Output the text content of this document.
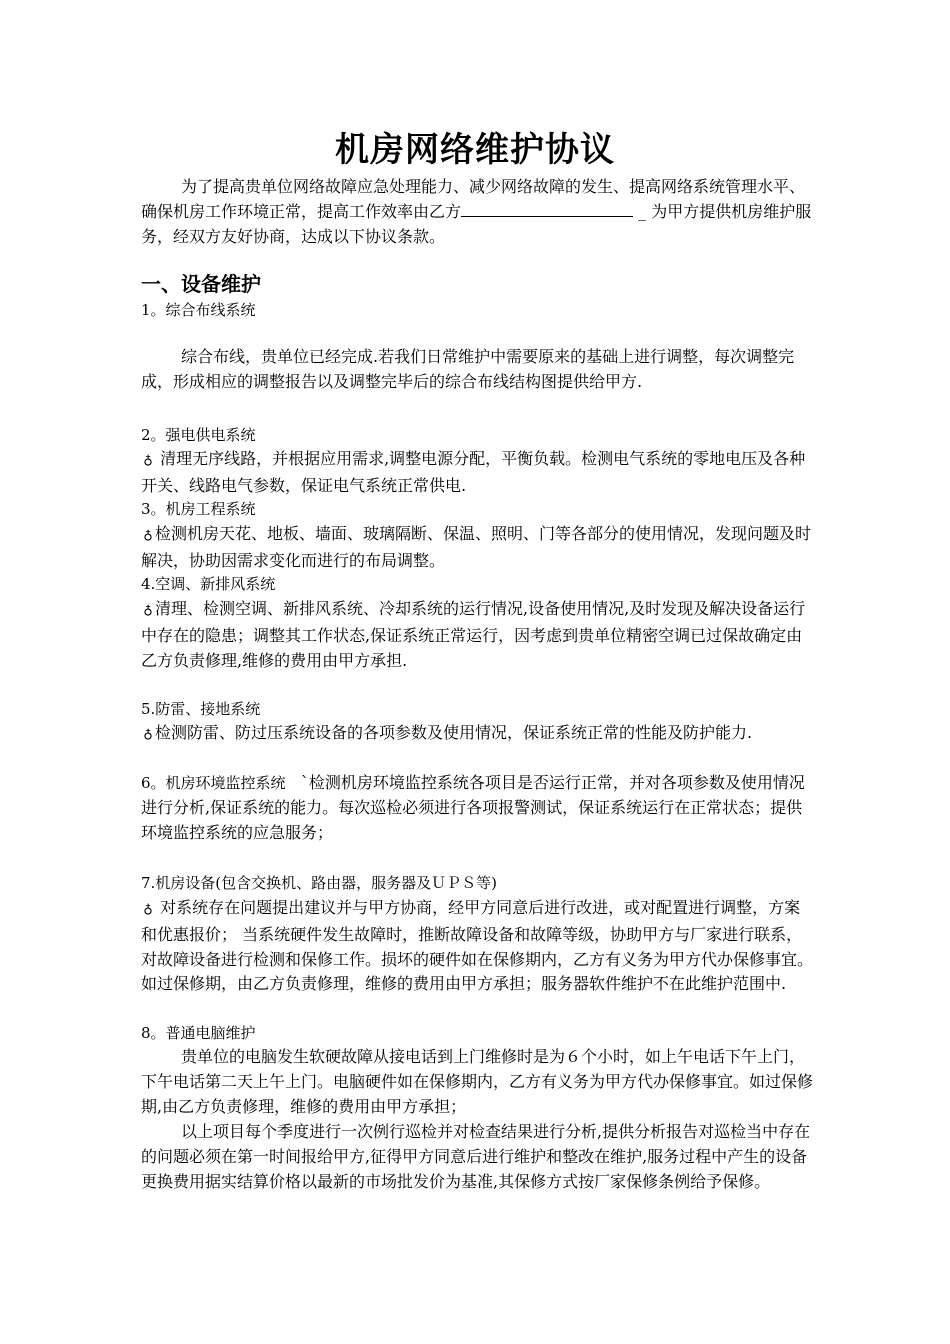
机房网络维护协议
为了提高贵单位网络故障应急处理能力、减少网络故障的发生、提高网络系统管理水平、确保机房工作环境正常，提高工作效率由乙方	_ 为甲方提供机房维护服务，经双方友好协商，达成以下协议条款。
一、设备维护
1。综合布线系统
综合布线，贵单位已经完成.若我们日常维护中需要原来的基础上进行调整，每次调整完成，形成相应的调整报告以及调整完毕后的综合布线结构图提供给甲方.
2。强电供电系统
♁ 清理无序线路，并根据应用需求,调整电源分配，平衡负载。检测电气系统的零地电压及各种开关、线路电气参数，保证电气系统正常供电.
3。机房工程系统
♁ 检测机房天花、地板、墙面、玻璃隔断、保温、照明、门等各部分的使用情况，发现问题及时解决，协助因需求变化而进行的布局调整。
4.空调、新排风系统
♁ 清理、检测空调、新排风系统、冷却系统的运行情况,设备使用情况,及时发现及解决设备运行中存在的隐患；调整其工作状态,保证系统正常运行，因考虑到贵单位精密空调已过保故确定由乙方负责修理,维修的费用由甲方承担.
5.防雷、接地系统
♁ 检测防雷、防过压系统设备的各项参数及使用情况，保证系统正常的性能及防护能力.
6。机房环境监控系统 `检测机房环境监控系统各项目是否运行正常，并对各项参数及使用情况进行分析,保证系统的能力。每次巡检必须进行各项报警测试，保证系统运行在正常状态；提供环境监控系统的应急服务；
7.机房设备(包含交换机、路由器，服务器及ＵＰＳ等)
♁ 对系统存在问题提出建议并与甲方协商，经甲方同意后进行改进，或对配置进行调整，方案和优惠报价； 当系统硬件发生故障时，推断故障设备和故障等级，协助甲方与厂家进行联系，对故障设备进行检测和保修工作。损坏的硬件如在保修期内，乙方有义务为甲方代办保修事宜。如过保修期，由乙方负责修理，维修的费用由甲方承担；服务器软件维护不在此维护范围中.
8。普通电脑维护
贵单位的电脑发生软硬故障从接电话到上门维修时是为６个小时，如上午电话下午上门，下午电话第二天上午上门。电脑硬件如在保修期内，乙方有义务为甲方代办保修事宜。如过保修期,由乙方负责修理，维修的费用由甲方承担；
以上项目每个季度进行一次例行巡检并对检查结果进行分析,提供分析报告对巡检当中存在的问题必须在第一时间报给甲方,征得甲方同意后进行维护和整改在维护,服务过程中产生的设备更换费用据实结算价格以最新的市场批发价为基准,其保修方式按厂家保修条例给予保修。
